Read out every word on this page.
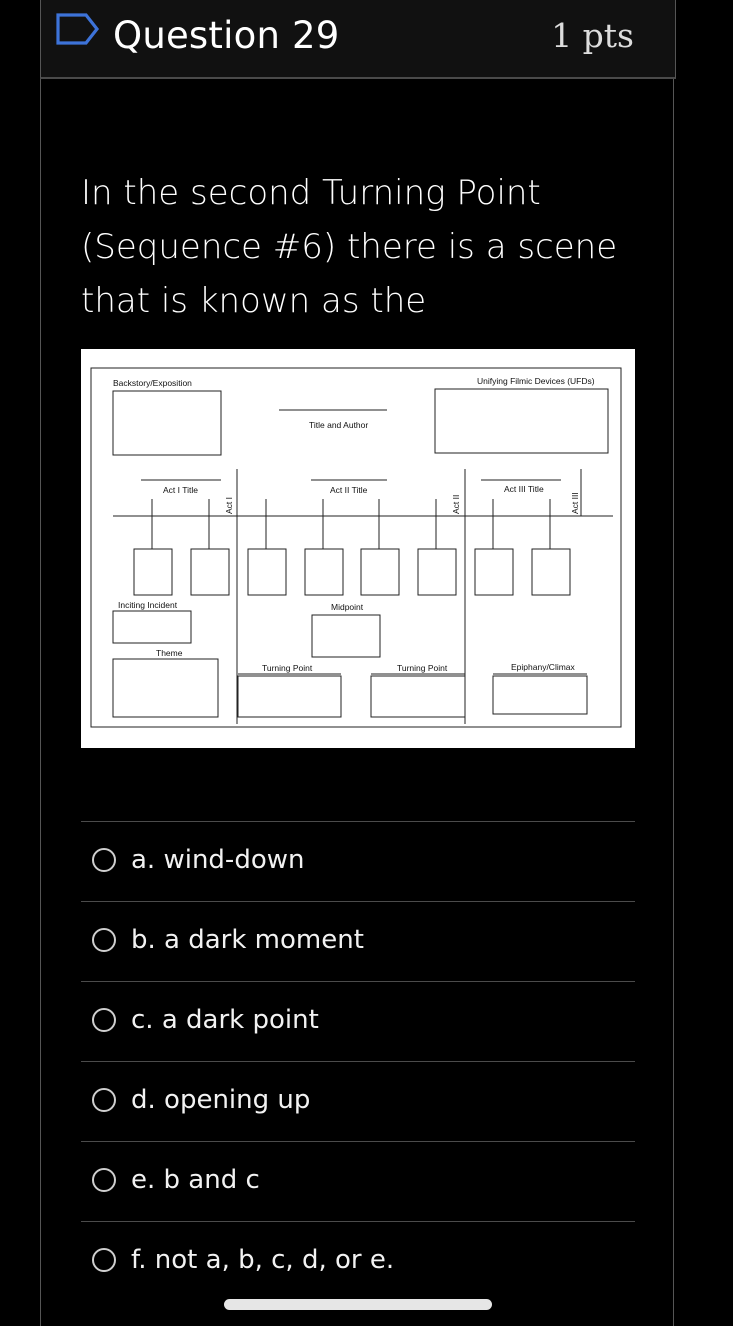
Question 29	1 pts
In the second Turning Point (Sequence #6) there is a scene that is known as the
Backstory/Exposition	Unifying Filmic Devices (UFDs)
Title and Author
Act I Title	Act II Title	Act III Title
Inciting Incident	Midpoint
Theme
Turning Point	Turning Point	Epiphany/Climax
Act I	Act II	Act III
a. wind-down
b. a dark moment
c. a dark point
d. opening up
e. b and c
f. not a, b, c, d, or e.
